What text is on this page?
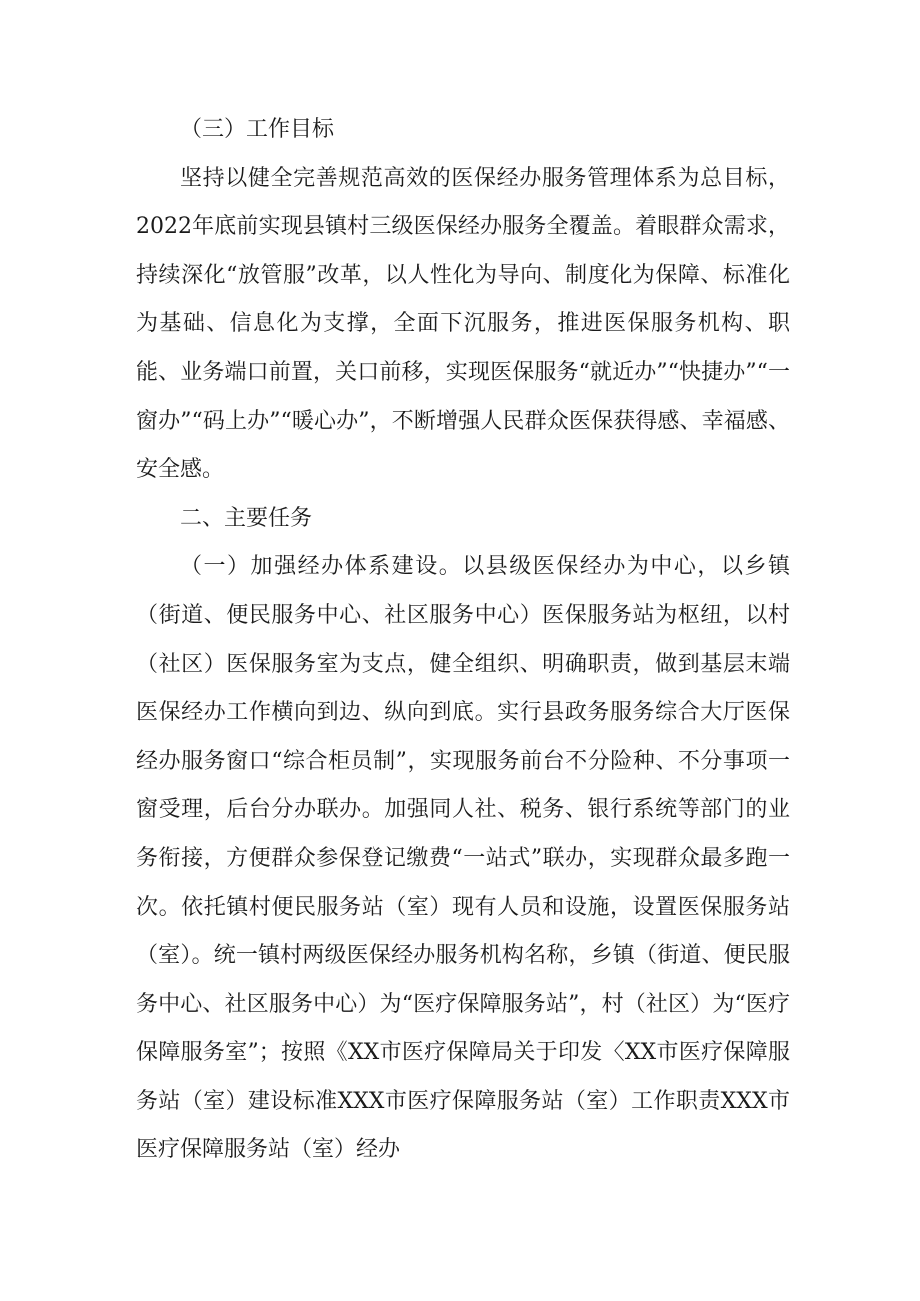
（三）工作目标

坚持以健全完善规范高效的医保经办服务管理体系为总目标，2022年底前实现县镇村三级医保经办服务全覆盖。着眼群众需求，持续深化“放管服”改革，以人性化为导向、制度化为保障、标准化为基础、信息化为支撑，全面下沉服务，推进医保服务机构、职能、业务端口前置，关口前移，实现医保服务“就近办”“快捷办”“一窗办”“码上办”“暖心办”，不断增强人民群众医保获得感、幸福感、安全感。

二、主要任务

（一）加强经办体系建设。以县级医保经办为中心，以乡镇（街道、便民服务中心、社区服务中心）医保服务站为枢纽，以村（社区）医保服务室为支点，健全组织、明确职责，做到基层末端医保经办工作横向到边、纵向到底。实行县政务服务综合大厅医保经办服务窗口“综合柜员制”，实现服务前台不分险种、不分事项一窗受理，后台分办联办。加强同人社、税务、银行系统等部门的业务衔接，方便群众参保登记缴费“一站式”联办，实现群众最多跑一次。依托镇村便民服务站（室）现有人员和设施，设置医保服务站（室）。统一镇村两级医保经办服务机构名称，乡镇（街道、便民服务中心、社区服务中心）为“医疗保障服务站”，村（社区）为“医疗保障服务室”；按照《XX市医疗保障局关于印发〈XX市医疗保障服务站（室）建设标准XXX市医疗保障服务站（室）工作职责XXX市医疗保障服务站（室）经办
